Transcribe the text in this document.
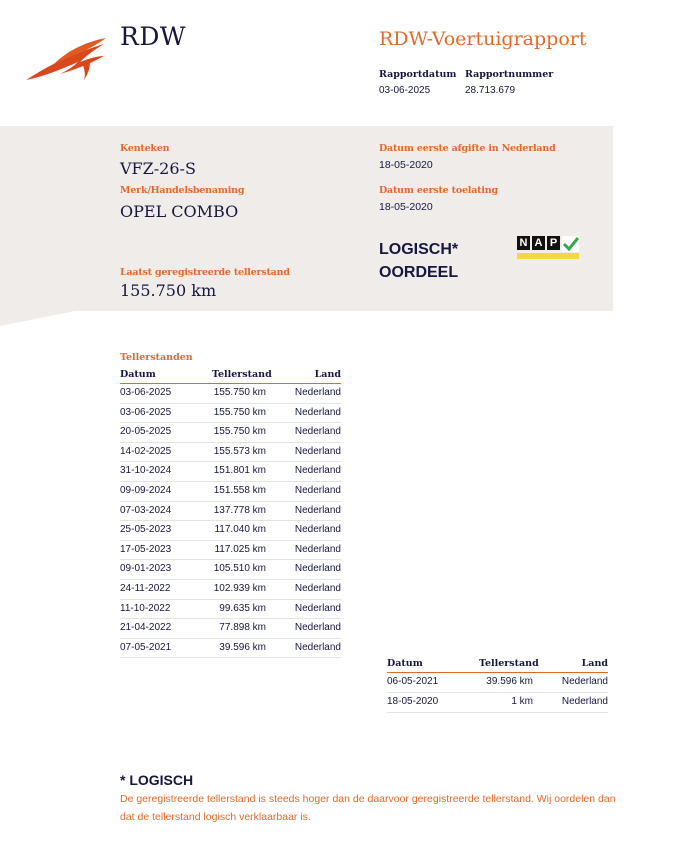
RDW	RDW-Voertuigrapport
Rapportdatum
03-06-2025
Rapportnummer
28.713.679
Kenteken
VFZ-26-S
Merk/Handelsbenaming
OPEL COMBO
Laatst geregistreerde tellerstand
155.750 km
Datum eerste afgifte in Nederland
18-05-2020
Datum eerste toelating
18-05-2020
LOGISCH*
OORDEEL
N A P
Tellerstanden
Datum	Tellerstand	Land
03-06-2025	155.750 km	Nederland
03-06-2025	155.750 km	Nederland
20-05-2025	155.750 km	Nederland
14-02-2025	155.573 km	Nederland
31-10-2024	151.801 km	Nederland
09-09-2024	151.558 km	Nederland
07-03-2024	137.778 km	Nederland
25-05-2023	117.040 km	Nederland
17-05-2023	117.025 km	Nederland
09-01-2023	105.510 km	Nederland
24-11-2022	102.939 km	Nederland
11-10-2022	99.635 km	Nederland
21-04-2022	77.898 km	Nederland
07-05-2021	39.596 km	Nederland
Datum	Tellerstand	Land
06-05-2021	39.596 km	Nederland
18-05-2020	1 km	Nederland
* LOGISCH
De geregistreerde tellerstand is steeds hoger dan de daarvoor geregistreerde tellerstand. Wij oordelen dan dat de tellerstand logisch verklaarbaar is.
